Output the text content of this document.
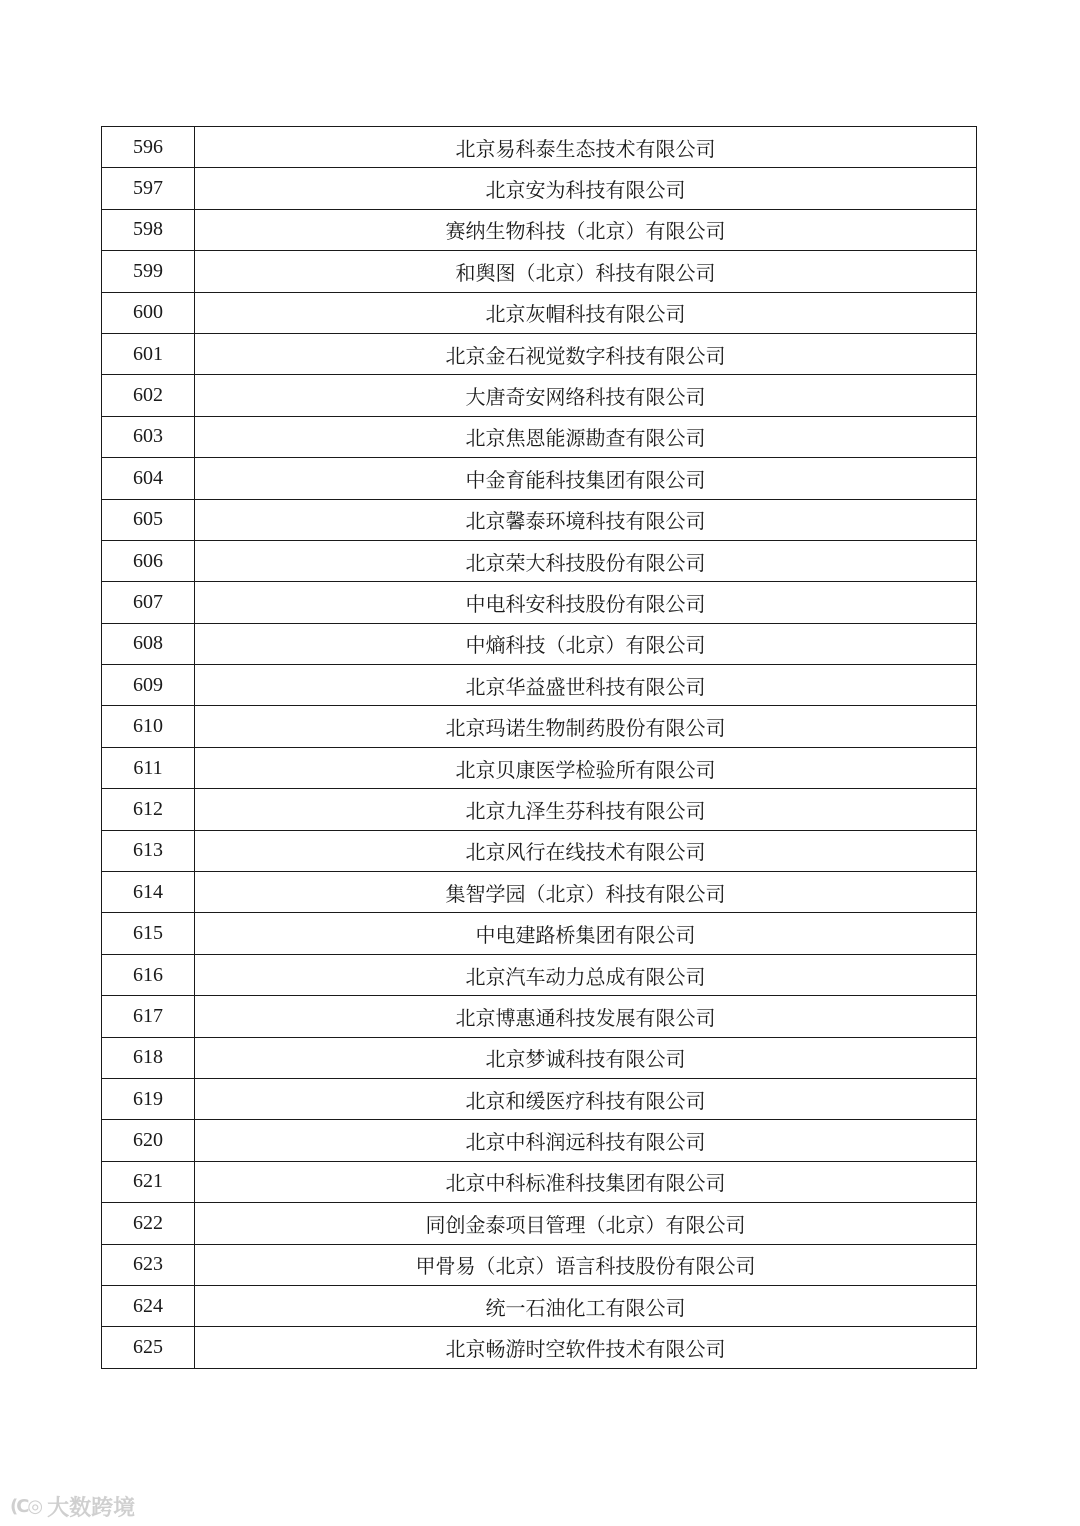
596	北京易科泰生态技术有限公司
597	北京安为科技有限公司
598	赛纳生物科技（北京）有限公司
599	和舆图（北京）科技有限公司
600	北京灰帽科技有限公司
601	北京金石视觉数字科技有限公司
602	大唐奇安网络科技有限公司
603	北京焦恩能源勘查有限公司
604	中金育能科技集团有限公司
605	北京馨泰环境科技有限公司
606	北京荣大科技股份有限公司
607	中电科安科技股份有限公司
608	中熵科技（北京）有限公司
609	北京华益盛世科技有限公司
610	北京玛诺生物制药股份有限公司
611	北京贝康医学检验所有限公司
612	北京九泽生芬科技有限公司
613	北京风行在线技术有限公司
614	集智学园（北京）科技有限公司
615	中电建路桥集团有限公司
616	北京汽车动力总成有限公司
617	北京博惠通科技发展有限公司
618	北京梦诚科技有限公司
619	北京和缓医疗科技有限公司
620	北京中科润远科技有限公司
621	北京中科标准科技集团有限公司
622	同创金泰项目管理（北京）有限公司
623	甲骨易（北京）语言科技股份有限公司
624	统一石油化工有限公司
625	北京畅游时空软件技术有限公司
(C◎ 大数跨境
